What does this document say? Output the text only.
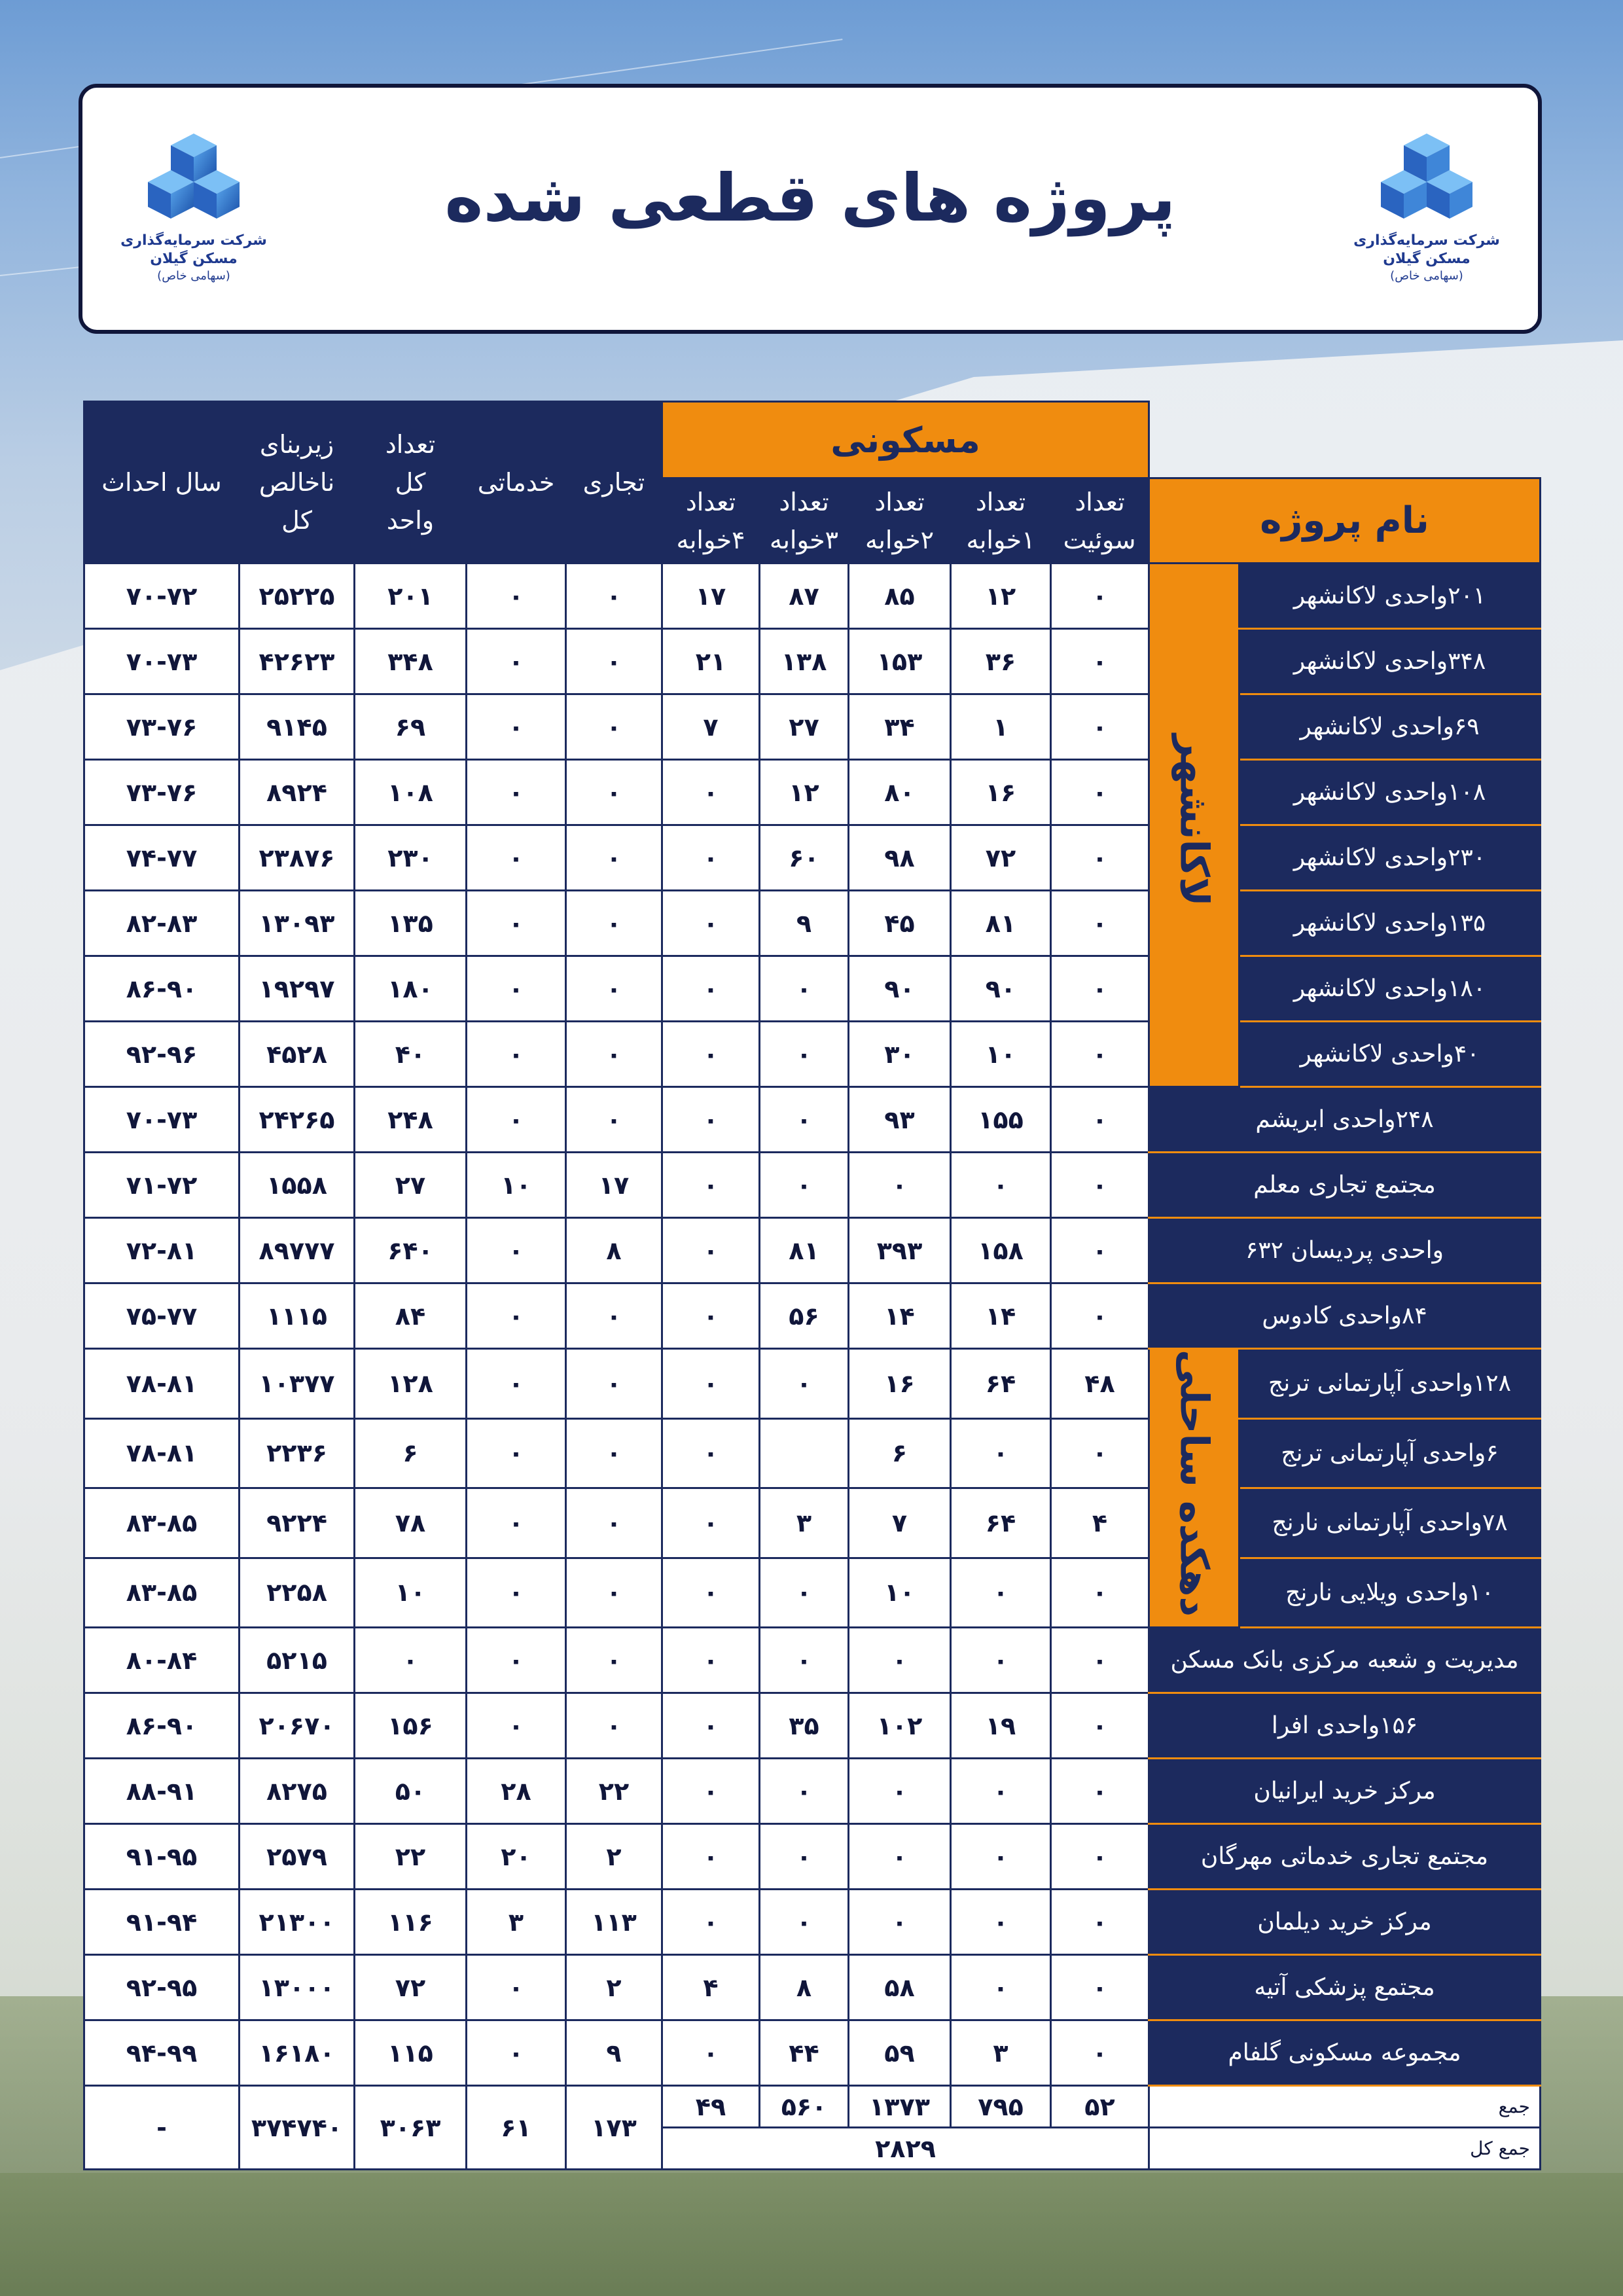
شرکت سرمایه‌گذاری
مسکن گیلان
(سهامی خاص)
پروژه های قطعی شده
شرکت سرمایه‌گذاری
مسکن گیلان
(سهامی خاص)
		مسکونی					تجاری	خدماتی	تعداد کل واحد	زیربنای ناخالص کل	سال احداث
نام پروژه		تعداد سوئیت	تعداد ۱خوابه	تعداد ۲خوابه	تعداد ۳خوابه	تعداد ۴خوابه					

۲۰۱واحدی لاکانشهر	لاکانشهر	۰	۱۲	۸۵	۸۷	۱۷	۰	۰	۲۰۱	۲۵۲۲۵	۷۰-۷۲
۳۴۸واحدی لاکانشهر		۰	۳۶	۱۵۳	۱۳۸	۲۱	۰	۰	۳۴۸	۴۲۶۲۳	۷۰-۷۳
۶۹واحدی لاکانشهر		۰	۱	۳۴	۲۷	۷	۰	۰	۶۹	۹۱۴۵	۷۳-۷۶
۱۰۸واحدی لاکانشهر		۰	۱۶	۸۰	۱۲	۰	۰	۰	۱۰۸	۸۹۲۴	۷۳-۷۶
۲۳۰واحدی لاکانشهر		۰	۷۲	۹۸	۶۰	۰	۰	۰	۲۳۰	۲۳۸۷۶	۷۴-۷۷
۱۳۵واحدی لاکانشهر		۰	۸۱	۴۵	۹	۰	۰	۰	۱۳۵	۱۳۰۹۳	۸۲-۸۳
۱۸۰واحدی لاکانشهر		۰	۹۰	۹۰	۰	۰	۰	۰	۱۸۰	۱۹۲۹۷	۸۶-۹۰
۴۰واحدی لاکانشهر		۰	۱۰	۳۰	۰	۰	۰	۰	۴۰	۴۵۲۸	۹۲-۹۶
۲۴۸واحدی ابریشم		۰	۱۵۵	۹۳	۰	۰	۰	۰	۲۴۸	۲۴۲۶۵	۷۰-۷۳
مجتمع تجاری معلم		۰	۰	۰	۰	۰	۱۷	۱۰	۲۷	۱۵۵۸	۷۱-۷۲
واحدی پردیسان ۶۳۲		۰	۱۵۸	۳۹۳	۸۱	۰	۸	۰	۶۴۰	۸۹۷۷۷	۷۲-۸۱
۸۴واحدی کادوس		۰	۱۴	۱۴	۵۶	۰	۰	۰	۸۴	۱۱۱۵	۷۵-۷۷
۱۲۸واحدی آپارتمانی ترنج	دهکده ساحلی	۴۸	۶۴	۱۶	۰	۰	۰	۰	۱۲۸	۱۰۳۷۷	۷۸-۸۱
۶واحدی آپارتمانی ترنج		۰	۰	۶		۰	۰	۰	۶	۲۲۳۶	۷۸-۸۱
۷۸واحدی آپارتمانی نارنج		۴	۶۴	۷	۳	۰	۰	۰	۷۸	۹۲۲۴	۸۳-۸۵
۱۰واحدی ویلایی نارنج		۰	۰	۱۰	۰	۰	۰	۰	۱۰	۲۲۵۸	۸۳-۸۵
مدیریت و شعبه مرکزی بانک مسکن		۰	۰	۰	۰	۰	۰	۰	۰	۵۲۱۵	۸۰-۸۴
۱۵۶واحدی افرا		۰	۱۹	۱۰۲	۳۵	۰	۰	۰	۱۵۶	۲۰۶۷۰	۸۶-۹۰
مرکز خرید ایرانیان		۰	۰	۰	۰	۰	۲۲	۲۸	۵۰	۸۲۷۵	۸۸-۹۱
مجتمع تجاری خدماتی مهرگان		۰	۰	۰	۰	۰	۲	۲۰	۲۲	۲۵۷۹	۹۱-۹۵
مرکز خرید دیلمان		۰	۰	۰	۰	۰	۱۱۳	۳	۱۱۶	۲۱۳۰۰	۹۱-۹۴
مجتمع پزشکی آتیه		۰	۰	۵۸	۸	۴	۲	۰	۷۲	۱۳۰۰۰	۹۲-۹۵
مجموعه مسکونی گلفام		۰	۳	۵۹	۴۴	۰	۹	۰	۱۱۵	۱۶۱۸۰	۹۴-۹۹
جمع		۵۲	۷۹۵	۱۳۷۳	۵۶۰	۴۹	۱۷۳	۶۱	۳۰۶۳	۳۷۴۷۴۰	-
جمع کل		۲۸۲۹									
